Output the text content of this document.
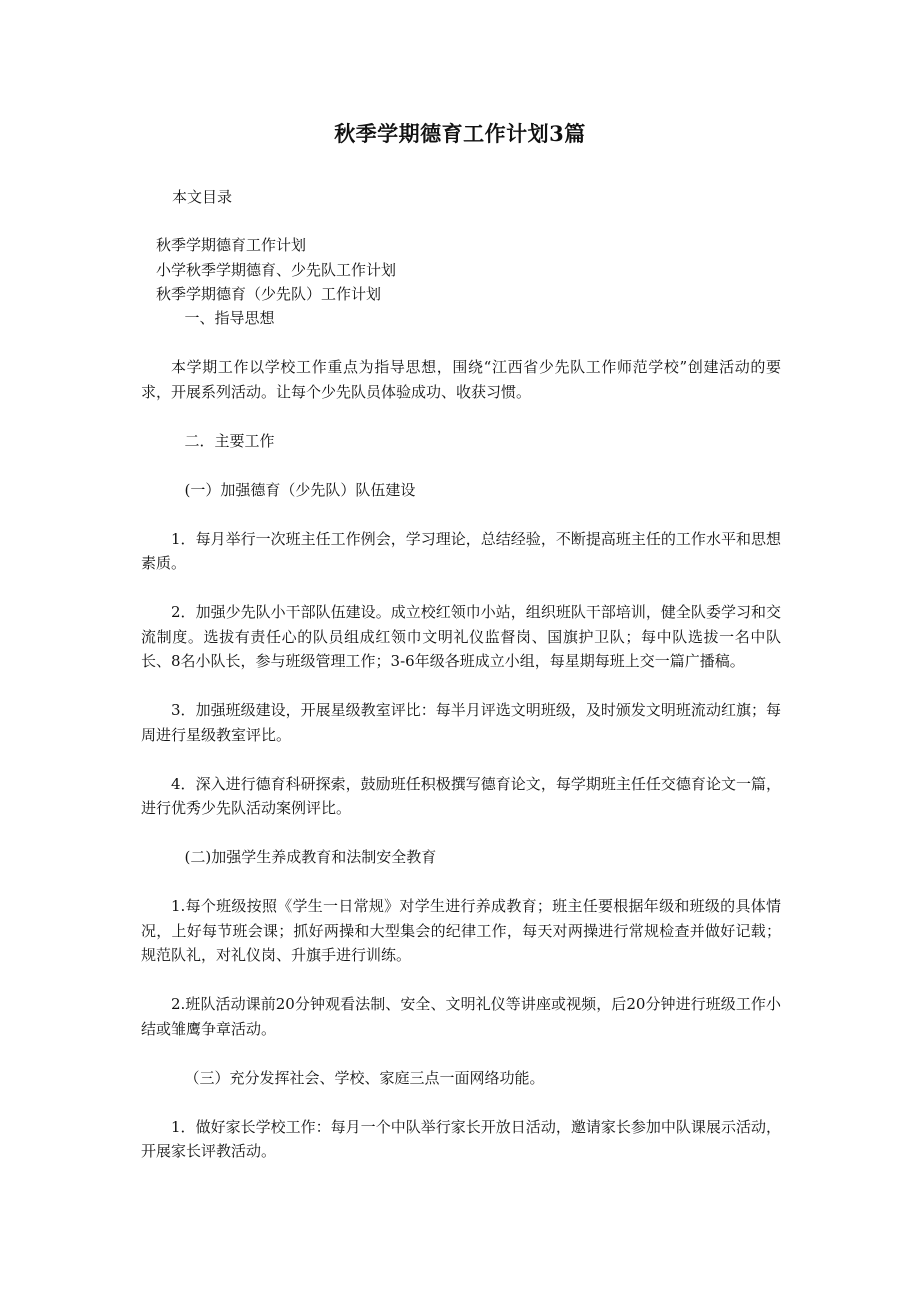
秋季学期德育工作计划3篇
本文目录
秋季学期德育工作计划
小学秋季学期德育、少先队工作计划
秋季学期德育（少先队）工作计划

一、指导思想

本学期工作以学校工作重点为指导思想，围绕“江西省少先队工作师范学校”创建活动的要求，开展系列活动。让每个少先队员体验成功、收获习惯。

二．主要工作

(一）加强德育（少先队）队伍建设

1．每月举行一次班主任工作例会，学习理论，总结经验，不断提高班主任的工作水平和思想素质。

2．加强少先队小干部队伍建设。成立校红领巾小站，组织班队干部培训，健全队委学习和交流制度。选拔有责任心的队员组成红领巾文明礼仪监督岗、国旗护卫队；每中队选拔一名中队长、8名小队长，参与班级管理工作；3-6年级各班成立小组，每星期每班上交一篇广播稿。

3．加强班级建设，开展星级教室评比：每半月评选文明班级，及时颁发文明班流动红旗；每周进行星级教室评比。

4．深入进行德育科研探索，鼓励班任积极撰写德育论文，每学期班主任任交德育论文一篇，进行优秀少先队活动案例评比。

(二)加强学生养成教育和法制安全教育

1.每个班级按照《学生一日常规》对学生进行养成教育；班主任要根据年级和班级的具体情况，上好每节班会课；抓好两操和大型集会的纪律工作，每天对两操进行常规检查并做好记载；规范队礼，对礼仪岗、升旗手进行训练。

2.班队活动课前20分钟观看法制、安全、文明礼仪等讲座或视频，后20分钟进行班级工作小结或雏鹰争章活动。

（三）充分发挥社会、学校、家庭三点一面网络功能。

1．做好家长学校工作：每月一个中队举行家长开放日活动，邀请家长参加中队课展示活动，开展家长评教活动。
